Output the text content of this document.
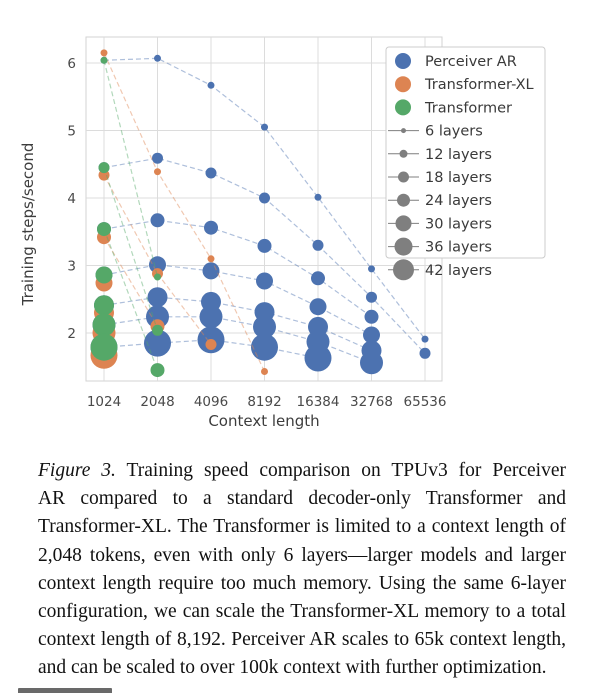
1024 2048 4096 8192 16384 32768 65536
2
3
4
5
6
Context length
Training steps/second
Perceiver AR
Transformer-XL
Transformer
6 layers
12 layers
18 layers
24 layers
30 layers
36 layers
42 layers
Figure 3. Training speed comparison on TPUv3 for Perceiver
AR compared to a standard decoder-only Transformer and
Transformer-XL. The Transformer is limited to a context length of
2,048 tokens, even with only 6 layers—larger models and larger
context length require too much memory. Using the same 6-layer
configuration, we can scale the Transformer-XL memory to a total
context length of 8,192. Perceiver AR scales to 65k context length,
and can be scaled to over 100k context with further optimization.
